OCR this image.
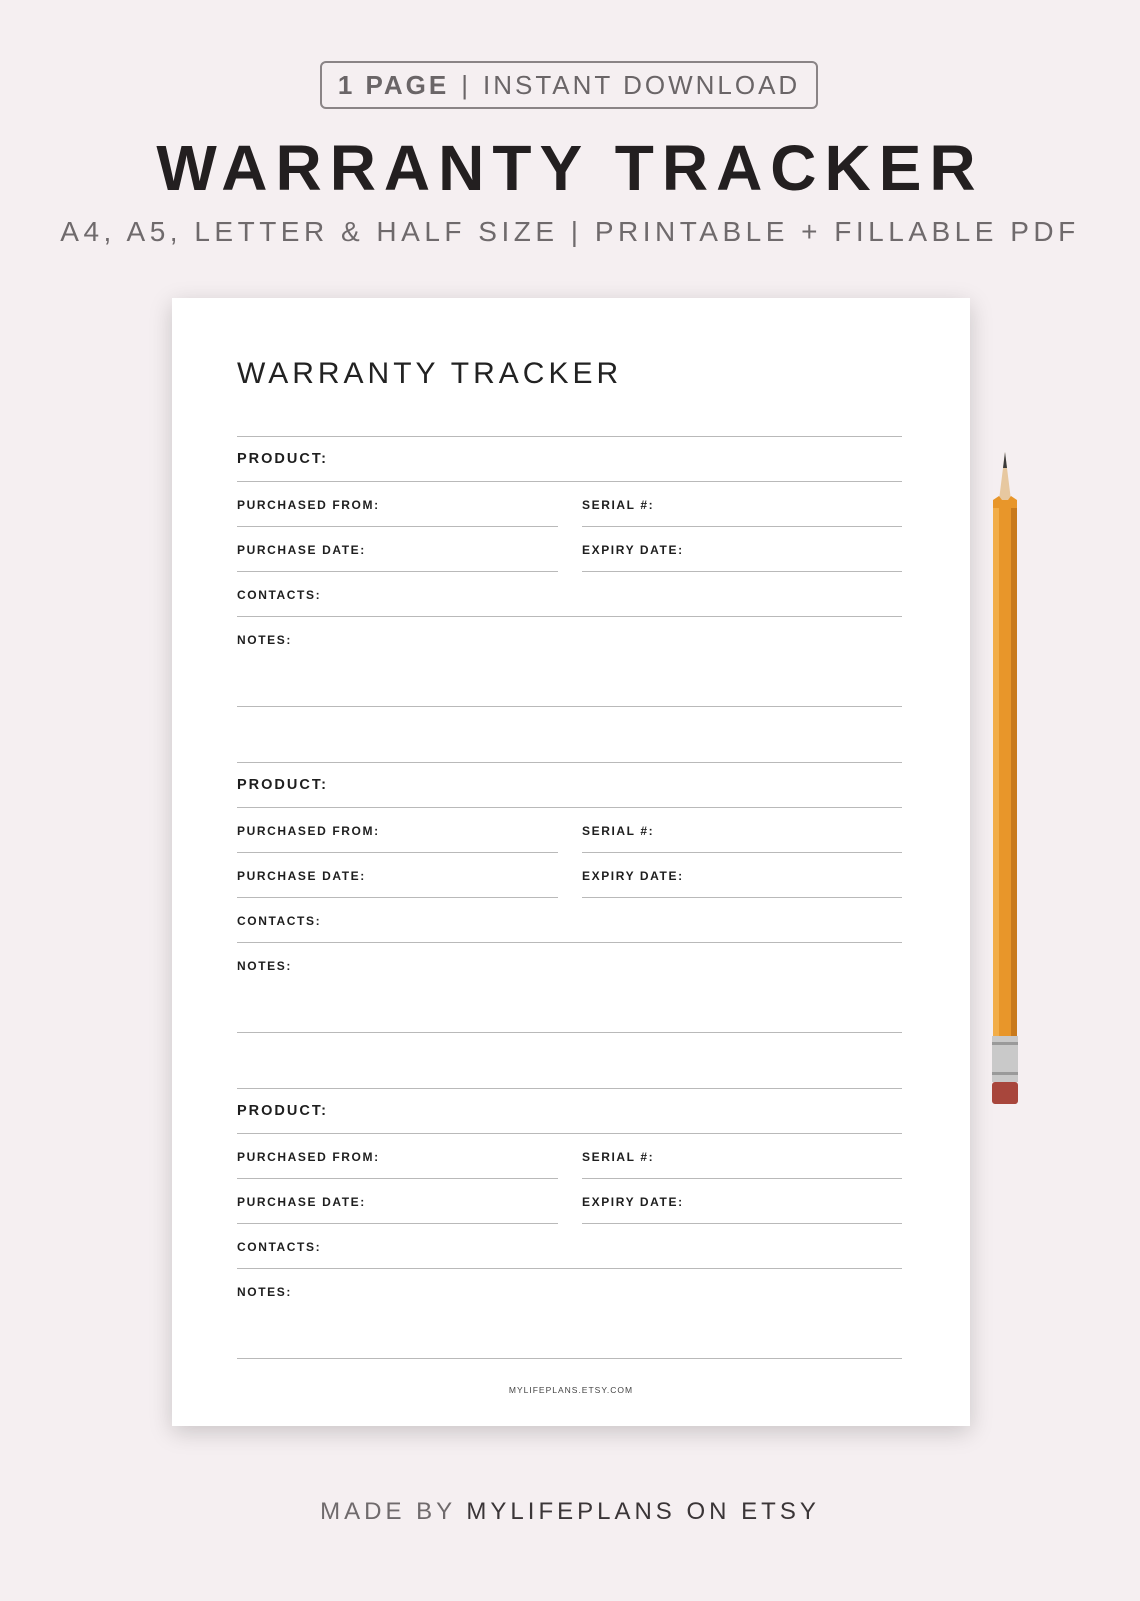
1 PAGE | INSTANT DOWNLOAD
WARRANTY TRACKER
A4, A5, LETTER & HALF SIZE | PRINTABLE + FILLABLE PDF
WARRANTY TRACKER
PRODUCT:
PURCHASED FROM:	SERIAL #:
PURCHASE DATE:	EXPIRY DATE:
CONTACTS:
NOTES:
PRODUCT:
PURCHASED FROM:	SERIAL #:
PURCHASE DATE:	EXPIRY DATE:
CONTACTS:
NOTES:
PRODUCT:
PURCHASED FROM:	SERIAL #:
PURCHASE DATE:	EXPIRY DATE:
CONTACTS:
NOTES:
MYLIFEPLANS.ETSY.COM
MADE BY MYLIFEPLANS ON ETSY
